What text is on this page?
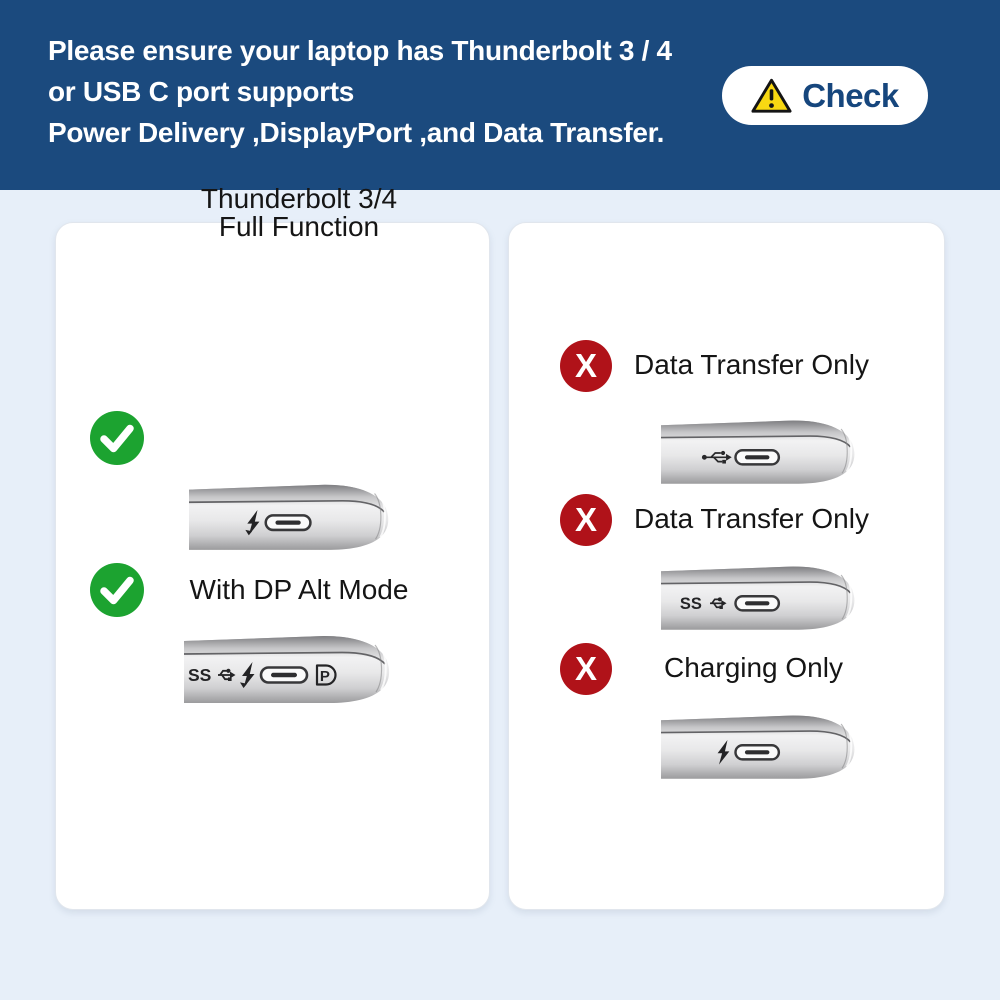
Please ensure your laptop has Thunderbolt 3 / 4
or USB C port supports
Power Delivery ,DisplayPort ,and Data Transfer.
Check
Thunderbolt 3/4
Full Function
With DP Alt Mode
SS	P
X Data Transfer Only
X Data Transfer Only
SS
X Charging Only
